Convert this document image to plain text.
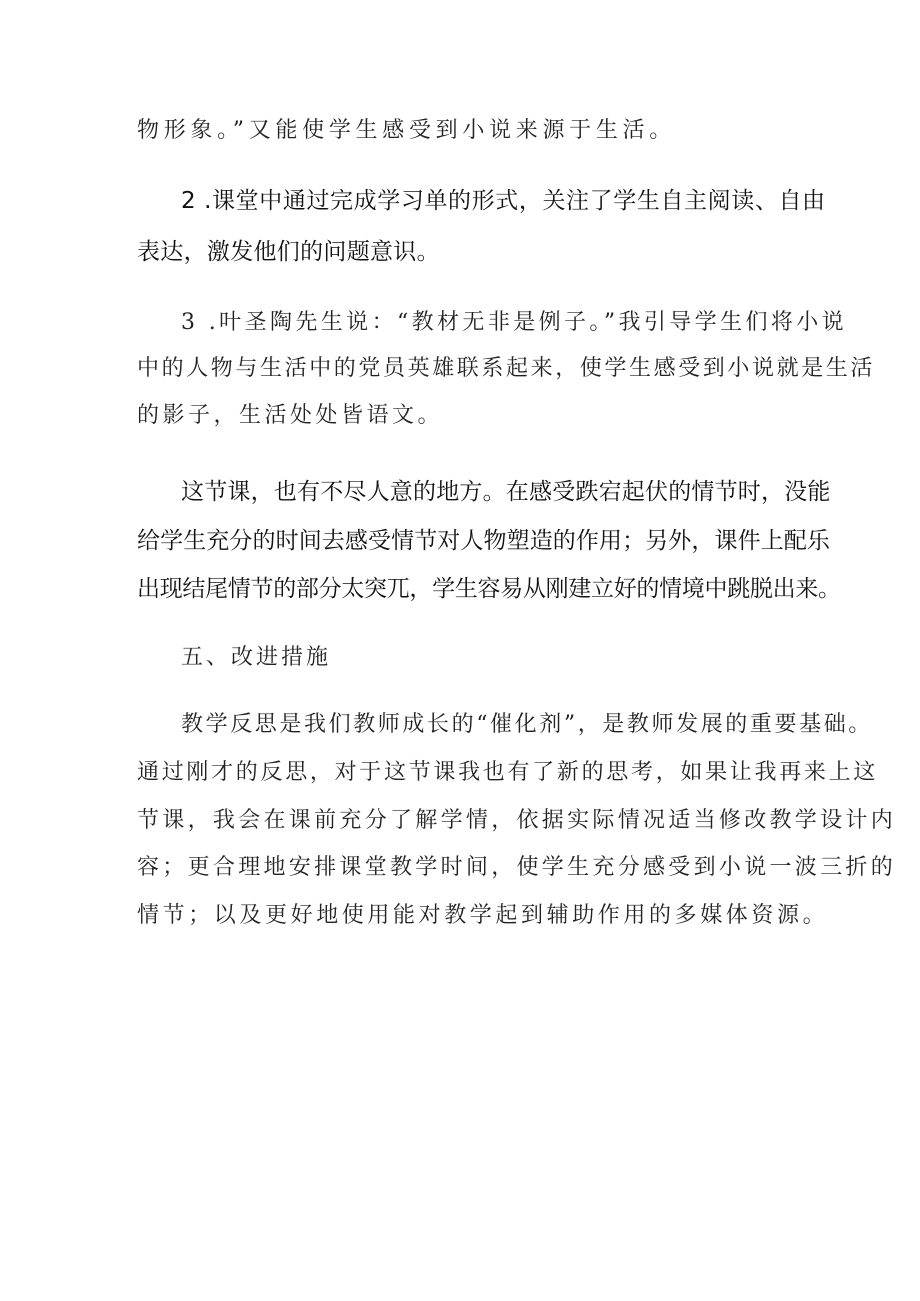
物形象。”又能使学生感受到小说来源于生活。
2 .课堂中通过完成学习单的形式，关注了学生自主阅读、自由
表达，激发他们的问题意识。
3 .叶圣陶先生说：“教材无非是例子。”我引导学生们将小说
中的人物与生活中的党员英雄联系起来，使学生感受到小说就是生活
的影子，生活处处皆语文。
这节课，也有不尽人意的地方。在感受跌宕起伏的情节时，没能
给学生充分的时间去感受情节对人物塑造的作用；另外，课件上配乐
出现结尾情节的部分太突兀，学生容易从刚建立好的情境中跳脱出来。
五、改进措施
教学反思是我们教师成长的“催化剂”，是教师发展的重要基础。
通过刚才的反思，对于这节课我也有了新的思考，如果让我再来上这
节课，我会在课前充分了解学情，依据实际情况适当修改教学设计内
容；更合理地安排课堂教学时间，使学生充分感受到小说一波三折的
情节；以及更好地使用能对教学起到辅助作用的多媒体资源。
